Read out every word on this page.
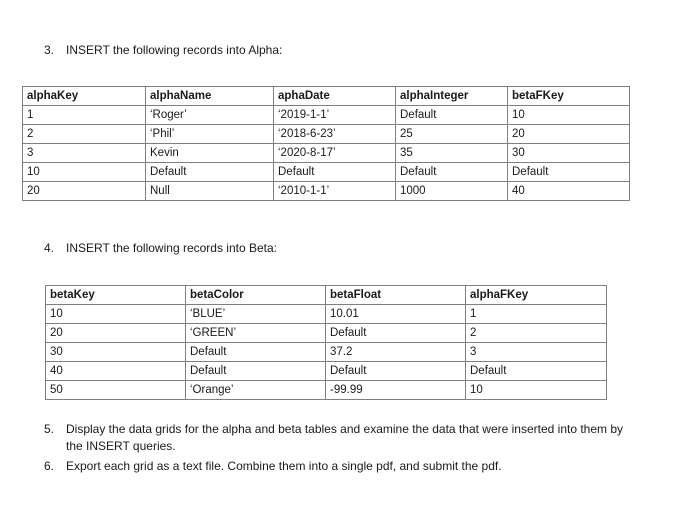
3. INSERT the following records into Alpha:
alphaKey	alphaName	aphaDate	alphaInteger	betaFKey
1	‘Roger’	‘2019-1-1’	Default	10
2	‘Phil’	‘2018-6-23’	25	20
3	Kevin	‘2020-8-17’	35	30
10	Default	Default	Default	Default
20	Null	‘2010-1-1’	1000	40
4. INSERT the following records into Beta:
betaKey	betaColor	betaFloat	alphaFKey
10	‘BLUE’	10.01	1
20	‘GREEN’	Default	2
30	Default	37.2	3
40	Default	Default	Default
50	‘Orange’	-99.99	10
5. Display the data grids for the alpha and beta tables and examine the data that were inserted into them by the INSERT queries.
6. Export each grid as a text file. Combine them into a single pdf, and submit the pdf.
